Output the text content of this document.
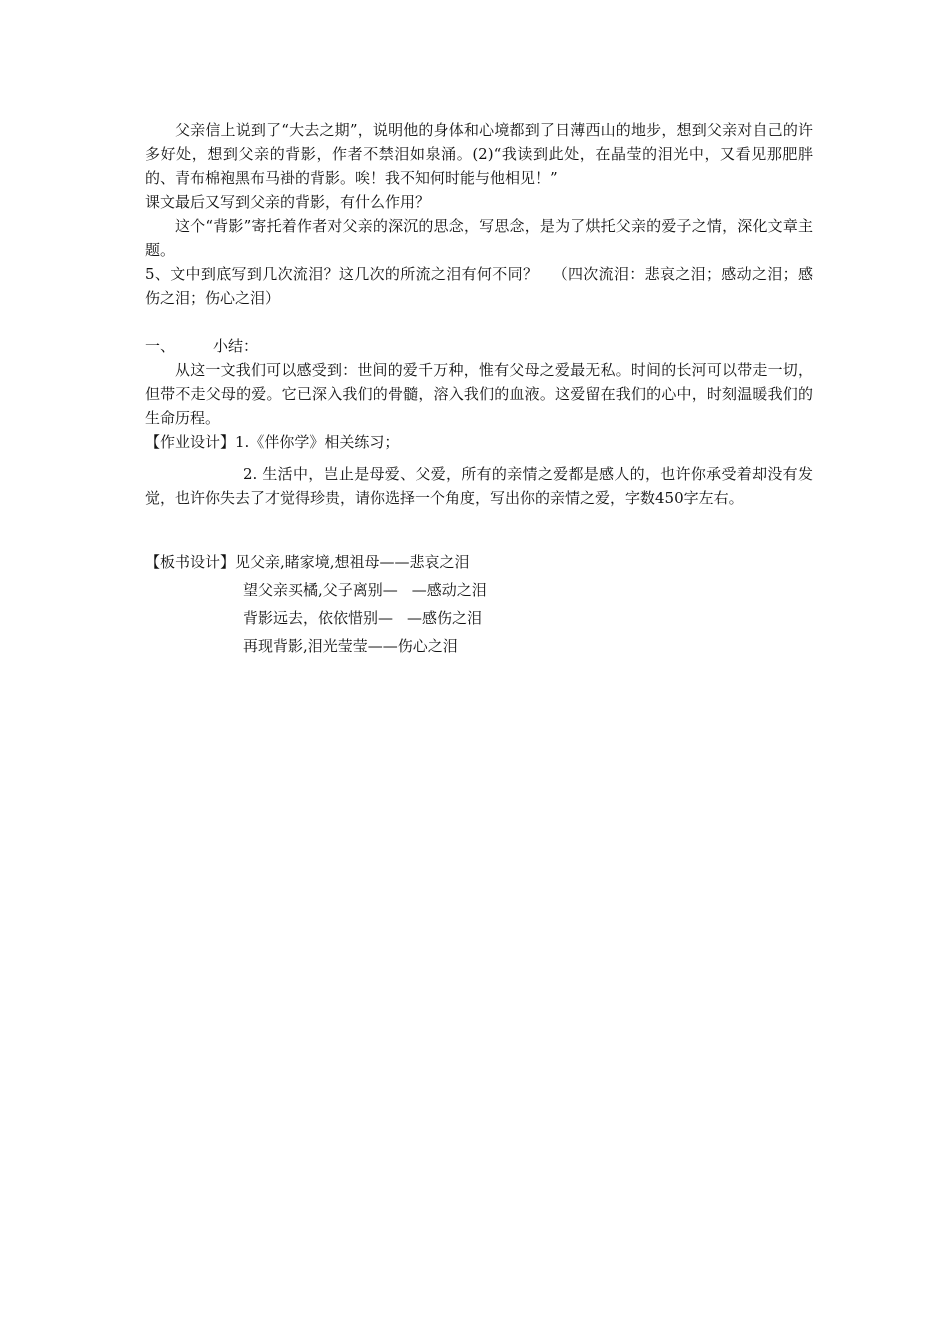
父亲信上说到了“大去之期”，说明他的身体和心境都到了日薄西山的地步，想到父亲对自己的许多好处，想到父亲的背影，作者不禁泪如泉涌。(2)“我读到此处，在晶莹的泪光中，又看见那肥胖的、青布棉袍黑布马褂的背影。唉！我不知何时能与他相见！”

课文最后又写到父亲的背影，有什么作用？

这个“背影”寄托着作者对父亲的深沉的思念，写思念，是为了烘托父亲的爱子之情，深化文章主题。

5、文中到底写到几次流泪？这几次的所流之泪有何不同？ （四次流泪：悲哀之泪；感动之泪；感伤之泪；伤心之泪）

一、	小结：

从这一文我们可以感受到：世间的爱千万种，惟有父母之爱最无私。时间的长河可以带走一切，但带不走父母的爱。它已深入我们的骨髓，溶入我们的血液。这爱留在我们的心中，时刻温暖我们的生命历程。

【作业设计】1.《伴你学》相关练习；

2. 生活中，岂止是母爱、父爱，所有的亲情之爱都是感人的，也许你承受着却没有发觉，也许你失去了才觉得珍贵，请你选择一个角度，写出你的亲情之爱，字数450字左右。

【板书设计】见父亲,睹家境,想祖母——悲哀之泪

望父亲买橘,父子离别— —感动之泪

背影远去，依依惜别— —感伤之泪

再现背影,泪光莹莹——伤心之泪
